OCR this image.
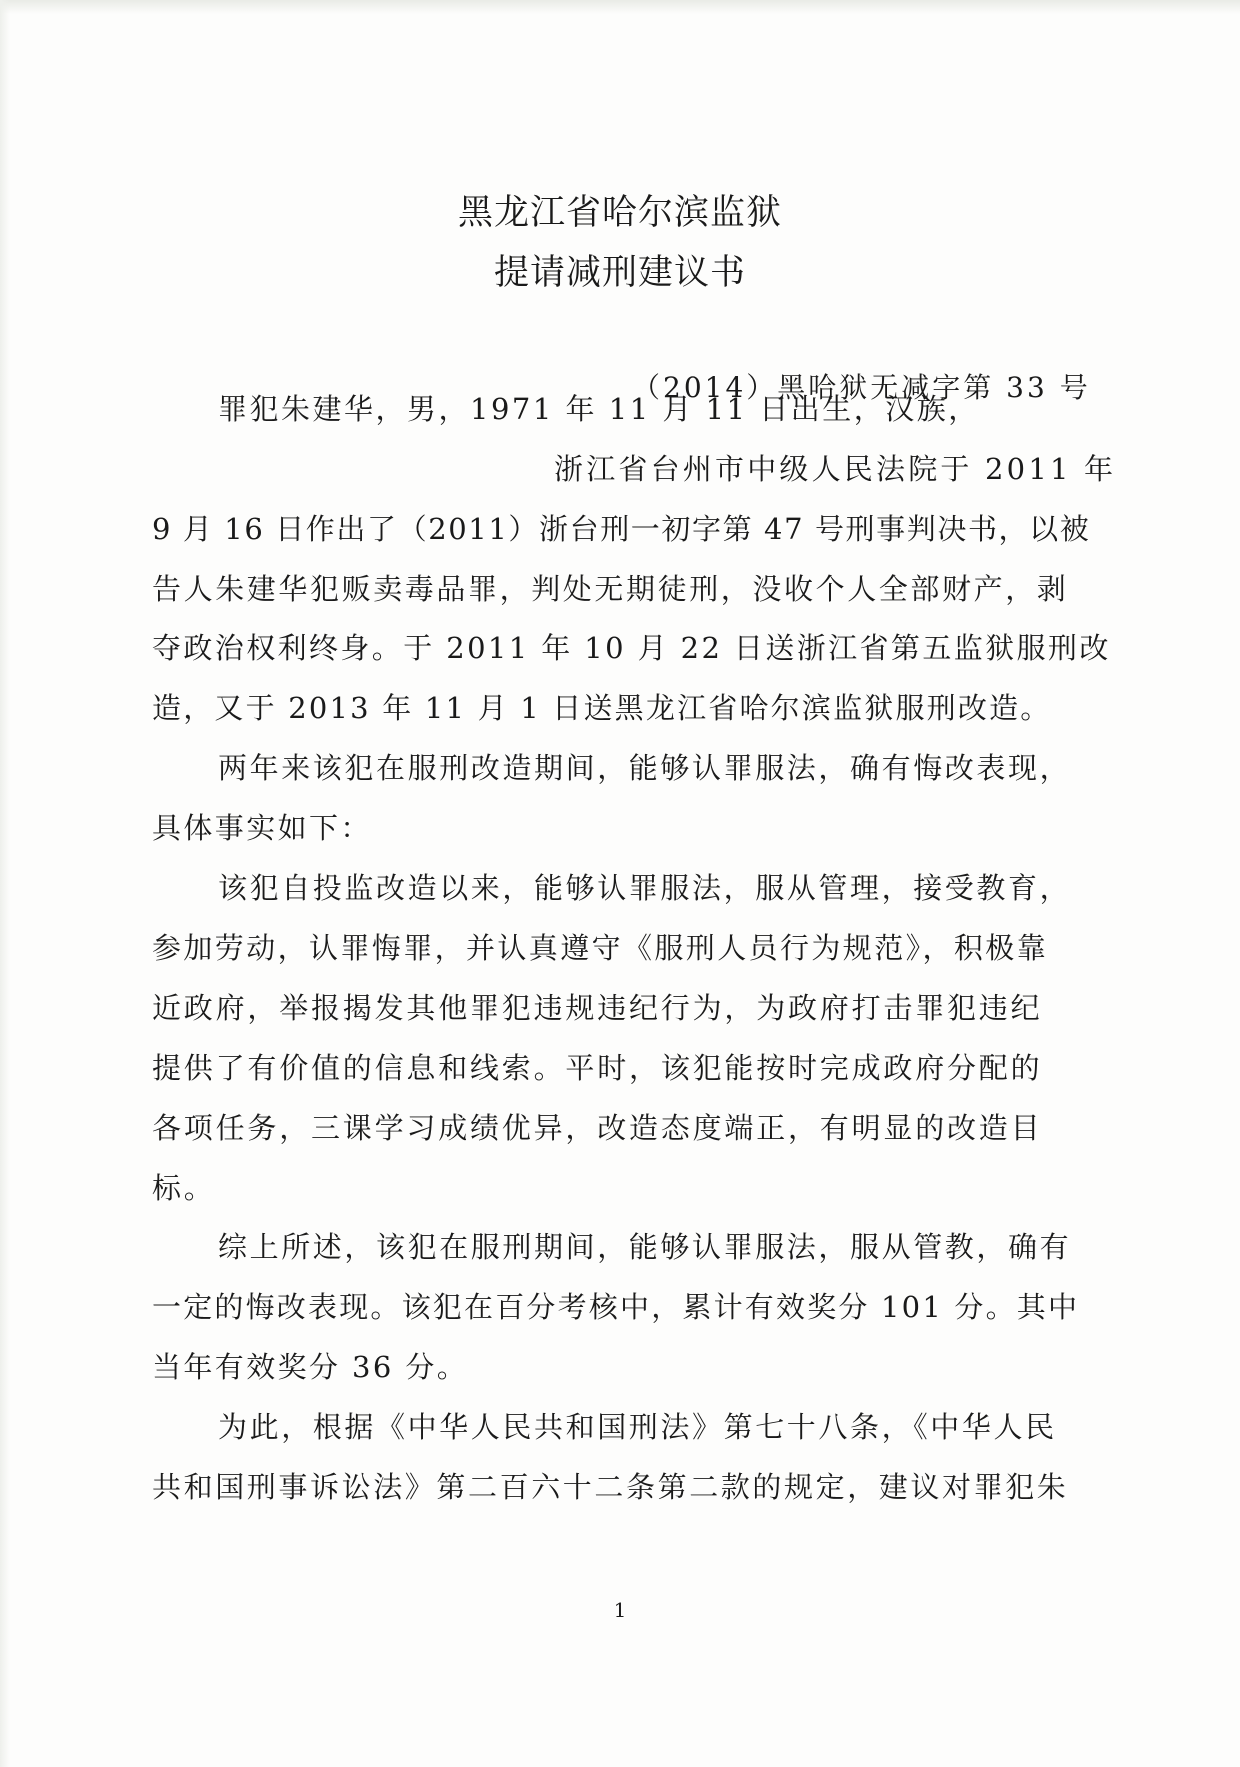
黑龙江省哈尔滨监狱
提请减刑建议书
（2014）黑哈狱无减字第 33 号
罪犯朱建华，男，1971 年 11 月 11 日出生，汉族，
浙江省台州市中级人民法院于 2011 年
9 月 16 日作出了（2011）浙台刑一初字第 47 号刑事判决书，以被
告人朱建华犯贩卖毒品罪，判处无期徒刑，没收个人全部财产，剥
夺政治权利终身。于 2011 年 10 月 22 日送浙江省第五监狱服刑改
造，又于 2013 年 11 月 1 日送黑龙江省哈尔滨监狱服刑改造。
两年来该犯在服刑改造期间，能够认罪服法，确有悔改表现，
具体事实如下：
该犯自投监改造以来，能够认罪服法，服从管理，接受教育，
参加劳动，认罪悔罪，并认真遵守《服刑人员行为规范》，积极靠
近政府，举报揭发其他罪犯违规违纪行为，为政府打击罪犯违纪
提供了有价值的信息和线索。平时，该犯能按时完成政府分配的
各项任务，三课学习成绩优异，改造态度端正，有明显的改造目
标。
综上所述，该犯在服刑期间，能够认罪服法，服从管教，确有
一定的悔改表现。该犯在百分考核中，累计有效奖分 101 分。其中
当年有效奖分 36 分。
为此，根据《中华人民共和国刑法》第七十八条，《中华人民
共和国刑事诉讼法》第二百六十二条第二款的规定，建议对罪犯朱
1
